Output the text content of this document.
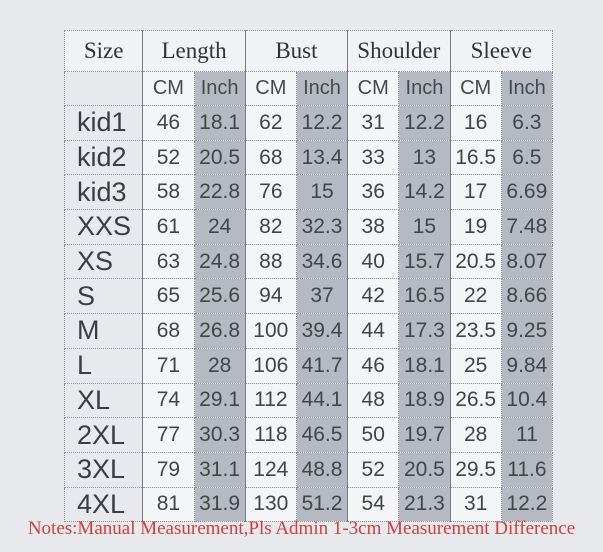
Size	Length		Bust		Shoulder		Sleeve	
	CM	Inch	CM	Inch	CM	Inch	CM	Inch
kid1	46	18.1	62	12.2	31	12.2	16	6.3
kid2	52	20.5	68	13.4	33	13	16.5	6.5
kid3	58	22.8	76	15	36	14.2	17	6.69
XXS	61	24	82	32.3	38	15	19	7.48
XS	63	24.8	88	34.6	40	15.7	20.5	8.07
S	65	25.6	94	37	42	16.5	22	8.66
M	68	26.8	100	39.4	44	17.3	23.5	9.25
L	71	28	106	41.7	46	18.1	25	9.84
XL	74	29.1	112	44.1	48	18.9	26.5	10.4
2XL	77	30.3	118	46.5	50	19.7	28	11
3XL	79	31.1	124	48.8	52	20.5	29.5	11.6
4XL	81	31.9	130	51.2	54	21.3	31	12.2
Notes:Manual Measurement,Pls Admin 1-3cm Measurement Difference
